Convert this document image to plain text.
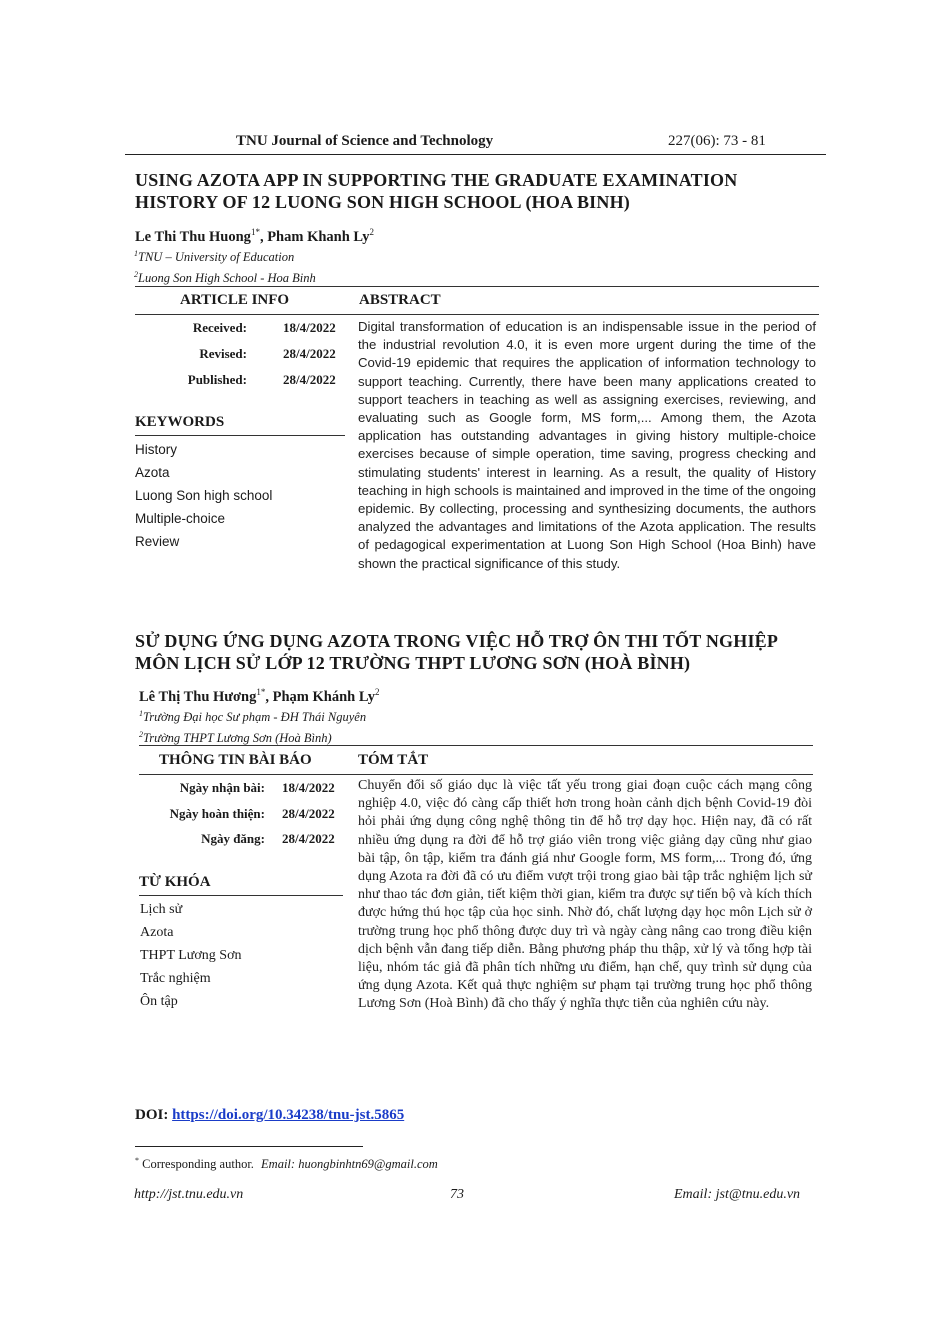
TNU Journal of Science and Technology	227(06): 73 - 81
USING AZOTA APP IN SUPPORTING THE GRADUATE EXAMINATION
HISTORY OF 12 LUONG SON HIGH SCHOOL (HOA BINH)
Le Thi Thu Huong$^{1*}$, Pham Khanh Ly$^2$
$^1$TNU – University of Education
$^2$Luong Son High School - Hoa Binh
ARTICLE INFO	ABSTRACT
Received:	18/4/2022
Revised:	28/4/2022
Published:	28/4/2022
KEYWORDS
History
Azota
Luong Son high school
Multiple-choice
Review
Digital transformation of education is an indispensable issue in the period of the industrial revolution 4.0, it is even more urgent during the time of the Covid-19 epidemic that requires the application of information technology to support teaching. Currently, there have been many applications created to support teachers in teaching as well as assigning exercises, reviewing, and evaluating such as Google form, MS form,... Among them, the Azota application has outstanding advantages in giving history multiple-choice exercises because of simple operation, time saving, progress checking and stimulating students' interest in learning. As a result, the quality of History teaching in high schools is maintained and improved in the time of the ongoing epidemic. By collecting, processing and synthesizing documents, the authors analyzed the advantages and limitations of the Azota application. The results of pedagogical experimentation at Luong Son High School (Hoa Binh) have shown the practical significance of this study.
SỬ DỤNG ỨNG DỤNG AZOTA TRONG VIỆC HỖ TRỢ ÔN THI TỐT NGHIỆP
MÔN LỊCH SỬ LỚP 12 TRƯỜNG THPT LƯƠNG SƠN (HOÀ BÌNH)
Lê Thị Thu Hương$^{1*}$, Phạm Khánh Ly$^2$
$^1$Trường Đại học Sư phạm - ĐH Thái Nguyên
$^2$Trường THPT Lương Sơn (Hoà Bình)
THÔNG TIN BÀI BÁO	TÓM TẮT
Ngày nhận bài: 18/4/2022
Ngày hoàn thiện: 28/4/2022
Ngày đăng: 28/4/2022
TỪ KHÓA
Lịch sử
Azota
THPT Lương Sơn
Trắc nghiệm
Ôn tập
Chuyển đổi số giáo dục là việc tất yếu trong giai đoạn cuộc cách mạng công nghiệp 4.0, việc đó càng cấp thiết hơn trong hoàn cảnh dịch bệnh Covid-19 đòi hỏi phải ứng dụng công nghệ thông tin để hỗ trợ dạy học. Hiện nay, đã có rất nhiều ứng dụng ra đời để hỗ trợ giáo viên trong việc giảng dạy cũng như giao bài tập, ôn tập, kiểm tra đánh giá như Google form, MS form,... Trong đó, ứng dụng Azota ra đời đã có ưu điểm vượt trội trong giao bài tập trắc nghiệm lịch sử như thao tác đơn giản, tiết kiệm thời gian, kiểm tra được sự tiến bộ và kích thích được hứng thú học tập của học sinh. Nhờ đó, chất lượng dạy học môn Lịch sử ở trường trung học phổ thông được duy trì và ngày càng nâng cao trong điều kiện dịch bệnh vẫn đang tiếp diễn. Bằng phương pháp thu thập, xử lý và tổng hợp tài liệu, nhóm tác giả đã phân tích những ưu điểm, hạn chế, quy trình sử dụng của ứng dụng Azota. Kết quả thực nghiệm sư phạm tại trường trung học phổ thông Lương Sơn (Hoà Bình) đã cho thấy ý nghĩa thực tiễn của nghiên cứu này.
DOI: https://doi.org/10.34238/tnu-jst.5865
* Corresponding author. Email: huongbinhtn69@gmail.com
http://jst.tnu.edu.vn	73	Email: jst@tnu.edu.vn
